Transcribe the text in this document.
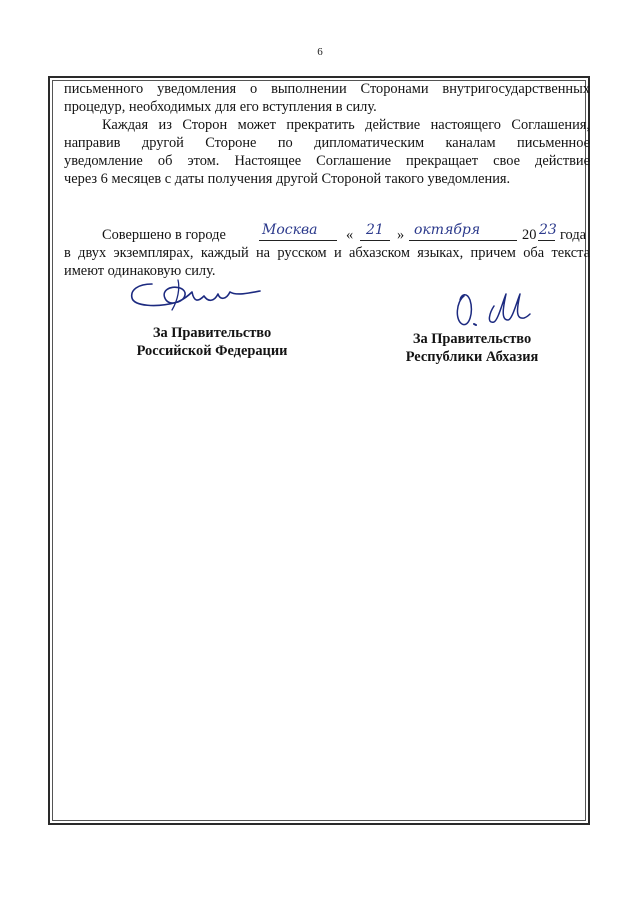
6
письменного уведомления о выполнении Сторонами внутригосударственных
процедур, необходимых для его вступления в силу.
Каждая из Сторон может прекратить действие настоящего Соглашения,
направив другой Стороне по дипломатическим каналам письменное
уведомление об этом. Настоящее Соглашение прекращает свое действие
через 6 месяцев с даты получения другой Стороной такого уведомления.
Совершено в городе	Москва « 21 » октября	20 23 года
в двух экземплярах, каждый на русском и абхазском языках, причем оба текста
имеют одинаковую силу.
За Правительство
Российской Федерации
За Правительство
Республики Абхазия
